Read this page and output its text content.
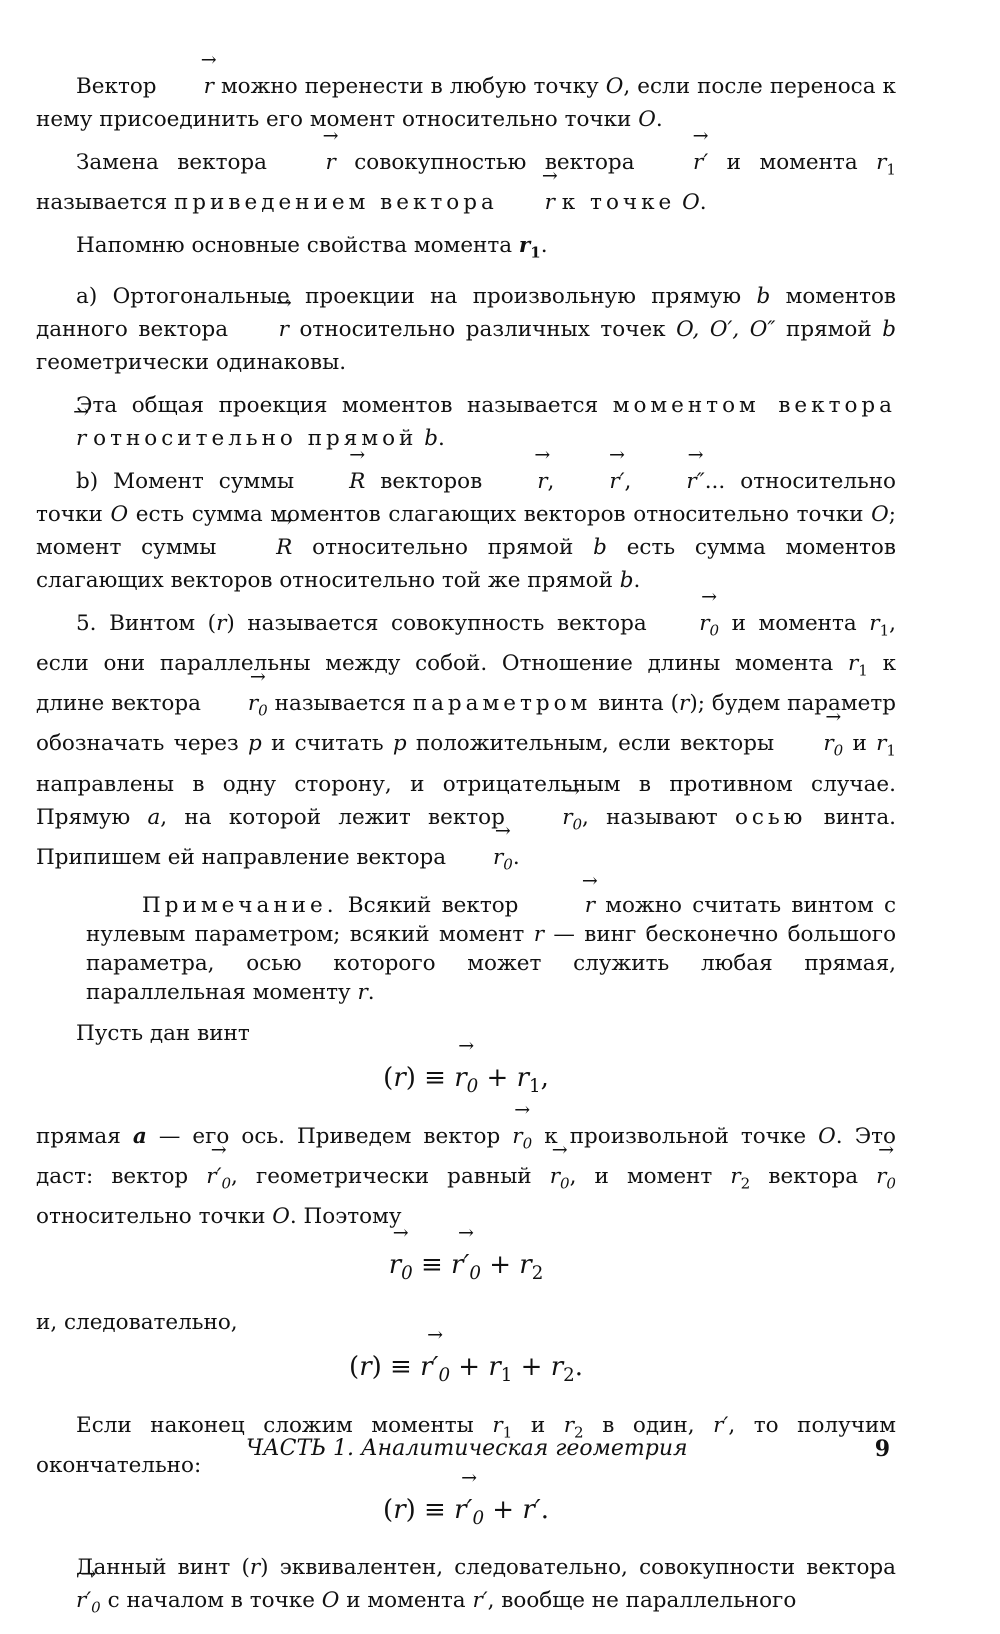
Вектор → r можно перенести в любую точку O, если после переноса к нему присоединить его момент относительно точки O.

Замена вектора → r совокупностью вектора → r′ и момента $r_1$ называется приведением вектора → r к точке O.

Напомню основные свойства момента $r_1$.

а) Ортогональные проекции на произвольную прямую b моментов данного вектора → r относительно различных точек O, O′, O″ прямой b геометрически одинаковы.

Эта общая проекция моментов называется моментом вектора → r относительно прямой b.

b) Момент суммы → R векторов → r, → r′, → r″... относительно точки O есть сумма моментов слагающих векторов относительно точки O; момент суммы → R относительно прямой b есть сумма моментов слагающих векторов относительно той же прямой b.

5. Винтом (r) называется совокупность вектора → $r_0$ и момента $r_1$, если они параллельны между собой. Отношение длины момента $r_1$ к длине вектора → $r_0$ называется параметром винта (r); будем параметр обозначать через p и считать p положительным, если векторы → $r_0$ и $r_1$ направлены в одну сторону, и отрицательным в противном случае. Прямую a, на которой лежит вектор → $r_0$, называют осью винта. Припишем ей направление вектора → $r_0$.

Примечание. Всякий вектор	→ r можно считать винтом с нулевым параметром; всякий момент r — винг бесконечно большого параметра, осью которого может служить любая прямая, параллельная моменту r.

Пусть дан винт

(r) ≡ → $r_0 + r_1$,

прямая a — его ось. Приведем вектор → $r_0$ к произвольной точке O. Это даст: вектор → $r'_0$, геометрически равный → $r_0$, и момент $r_2$ вектора → $r_0$ относительно точки O. Поэтому

→ $r_0$ ≡ → $r'_0 + r_2$

и, следовательно,

(r) ≡ → $r'_0 + r_1 + r_2$.

Если наконец сложим моменты $r_1$ и $r_2$ в один, r′, то получим окончательно:

(r) ≡ → $r'_0 + r'$.

Данный винт (r) эквивалентен, следовательно, совокупности вектора → $r'_0$ с началом в точке O и момента r′, вообще не параллельного

ЧАСТЬ 1. Аналитическая геометрия	9
